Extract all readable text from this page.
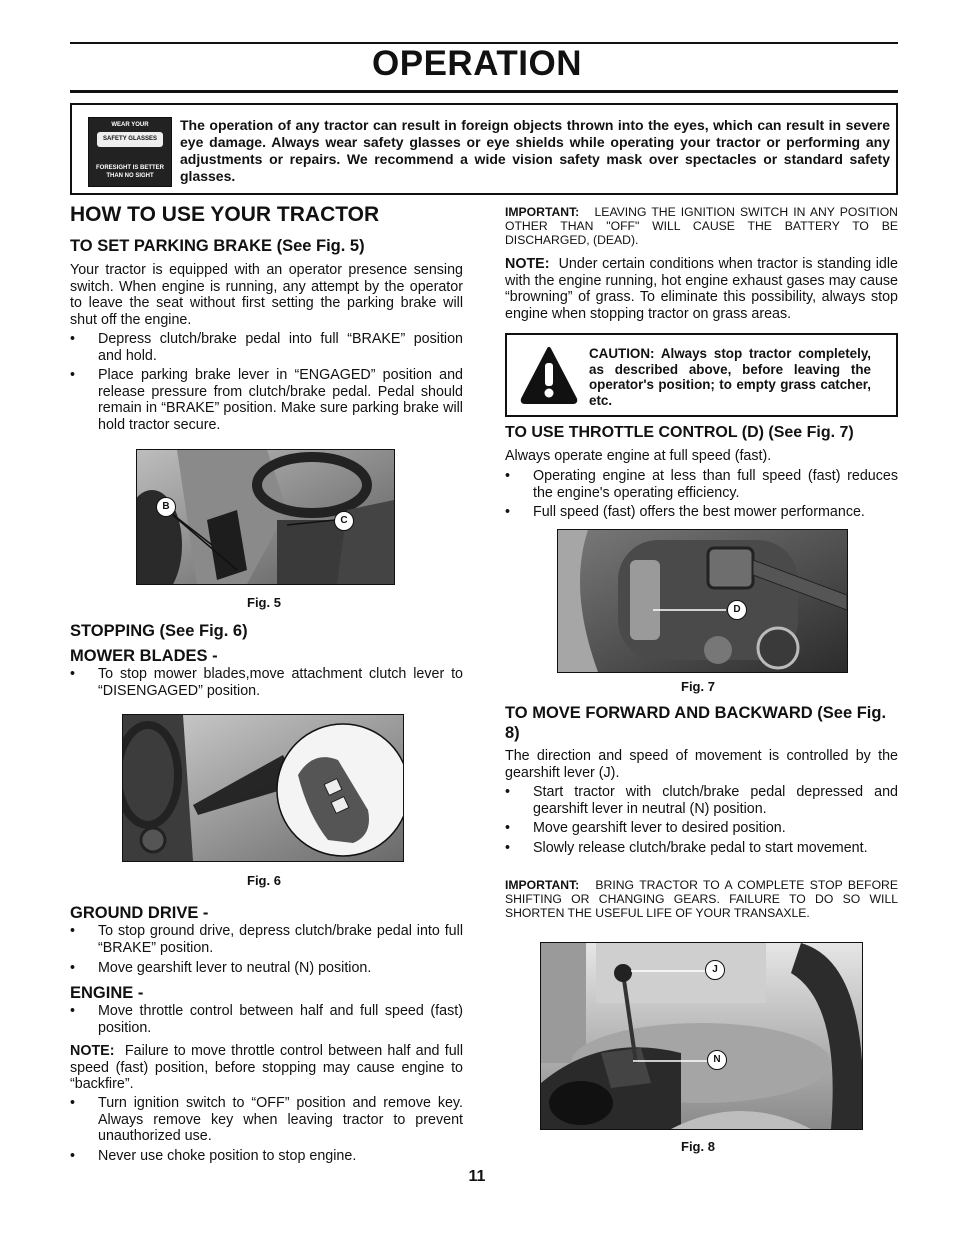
OPERATION
WEAR YOUR
SAFETY GLASSES
FORESIGHT IS BETTER THAN NO SIGHT
The operation of any tractor can result in foreign objects thrown into the eyes, which can result in severe eye damage. Always wear safety glasses or eye shields while operating your tractor or performing any adjustments or repairs. We recommend a wide vision safety mask over spectacles or standard safety glasses.
HOW TO USE YOUR TRACTOR
TO SET PARKING BRAKE (See Fig. 5)
Your tractor is equipped with an operator presence sensing switch. When engine is running, any attempt by the operator to leave the seat without first setting the parking brake will shut off the engine.
• Depress clutch/brake pedal into full “BRAKE” position and hold.
• Place parking brake lever in “ENGAGED” position and release pressure from clutch/brake pedal. Pedal should remain in “BRAKE” position. Make sure parking brake will hold tractor secure.
B
C
Fig. 5
STOPPING (See Fig. 6)
MOWER BLADES -
• To stop mower blades,move attachment clutch lever to “DISENGAGED” position.
Fig. 6
GROUND DRIVE -
• To stop ground drive, depress clutch/brake pedal into full “BRAKE” position.
• Move gearshift lever to neutral (N) position.
ENGINE -
• Move throttle control between half and full speed (fast) position.
NOTE: Failure to move throttle control between half and full speed (fast) position, before stopping may cause engine to “backfire”.
• Turn ignition switch to “OFF” position and remove key. Always remove key when leaving tractor to prevent unauthorized use.
• Never use choke position to stop engine.
IMPORTANT: LEAVING THE IGNITION SWITCH IN ANY POSITION OTHER THAN "OFF" WILL CAUSE THE BATTERY TO BE DISCHARGED, (DEAD).
NOTE: Under certain conditions when tractor is standing idle with the engine running, hot engine exhaust gases may cause “browning” of grass. To eliminate this possibility, always stop engine when stopping tractor on grass areas.
CAUTION: Always stop tractor completely, as described above, before leaving the operator's position; to empty grass catcher, etc.
TO USE THROTTLE CONTROL (D) (See Fig. 7)
Always operate engine at full speed (fast).
• Operating engine at less than full speed (fast) reduces the engine's operating efficiency.
• Full speed (fast) offers the best mower performance.
D
Fig. 7
TO MOVE FORWARD AND BACKWARD (See Fig. 8)
The direction and speed of movement is controlled by the gearshift lever (J).
• Start tractor with clutch/brake pedal depressed and gearshift lever in neutral (N) position.
• Move gearshift lever to desired position.
• Slowly release clutch/brake pedal to start movement.
IMPORTANT: BRING TRACTOR TO A COMPLETE STOP BEFORE SHIFTING OR CHANGING GEARS. FAILURE TO DO SO WILL SHORTEN THE USEFUL LIFE OF YOUR TRANSAXLE.
J
N
Fig. 8
11
